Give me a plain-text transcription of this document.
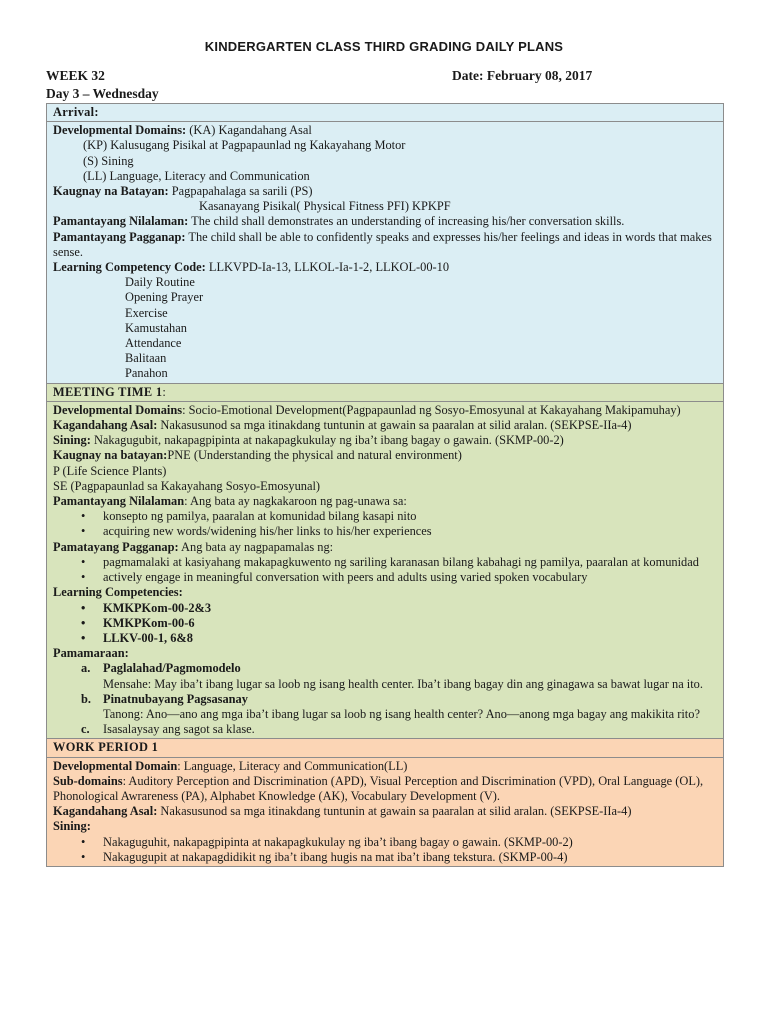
KINDERGARTEN CLASS THIRD GRADING DAILY PLANS
WEEK 32	Date: February 08, 2017
Day 3 – Wednesday
Arrival:

Developmental Domains: (KA) Kagandahang Asal
(KP) Kalusugang Pisikal at Pagpapaunlad ng Kakayahang Motor
(S) Sining
(LL) Language, Literacy and Communication
Kaugnay na Batayan: Pagpapahalaga sa sarili (PS)
Kasanayang Pisikal( Physical Fitness PFI) KPKPF
Pamantayang Nilalaman: The child shall demonstrates an understanding of increasing his/her conversation skills.
Pamantayang Pagganap: The child shall be able to confidently speaks and expresses his/her feelings and ideas in words that makes sense.
Learning Competency Code: LLKVPD-Ia-13, LLKOL-Ia-1-2, LLKOL-00-10
Daily Routine
Opening Prayer
Exercise
Kamustahan
Attendance
Balitaan
Panahon

MEETING TIME 1:

Developmental Domains: Socio-Emotional Development(Pagpapaunlad ng Sosyo-Emosyunal at Kakayahang Makipamuhay)
Kagandahang Asal: Nakasusunod sa mga itinakdang tuntunin at gawain sa paaralan at silid aralan. (SEKPSE-IIa-4)
Sining: Nakagugubit, nakapagpipinta at nakapagkukulay ng iba’t ibang bagay o gawain. (SKMP-00-2)
Kaugnay na batayan:PNE (Understanding the physical and natural environment)
P (Life Science Plants)
SE (Pagpapaunlad sa Kakayahang Sosyo-Emosyunal)
Pamantayang Nilalaman: Ang bata ay nagkakaroon ng pag-unawa sa:
• konsepto ng pamilya, paaralan at komunidad bilang kasapi nito
• acquiring new words/widening his/her links to his/her experiences
Pamatayang Pagganap: Ang bata ay nagpapamalas ng:
• pagmamalaki at kasiyahang makapagkuwento ng sariling karanasan bilang kabahagi ng pamilya, paaralan at komunidad
• actively engage in meaningful conversation with peers and adults using varied spoken vocabulary
Learning Competencies:
• KMKPKom-00-2&3
• KMKPKom-00-6
• LLKV-00-1, 6&8
Pamamaraan:
a. Paglalahad/Pagmomodelo
Mensahe: May iba’t ibang lugar sa loob ng isang health center. Iba’t ibang bagay din ang ginagawa sa bawat lugar na ito.
b. Pinatnubayang Pagsasanay
Tanong: Ano—ano ang mga iba’t ibang lugar sa loob ng isang health center? Ano—anong mga bagay ang makikita rito?
c. Isasalaysay ang sagot sa klase.

WORK PERIOD 1

Developmental Domain: Language, Literacy and Communication(LL)
Sub-domains: Auditory Perception and Discrimination (APD), Visual Perception and Discrimination (VPD), Oral Language (OL), Phonological Awrareness (PA), Alphabet Knowledge (AK), Vocabulary Development (V).
Kagandahang Asal: Nakasusunod sa mga itinakdang tuntunin at gawain sa paaralan at silid aralan. (SEKPSE-IIa-4)
Sining:
• Nakaguguhit, nakapagpipinta at nakapagkukulay ng iba’t ibang bagay o gawain. (SKMP-00-2)
• Nakagugupit at nakapagdidikit ng iba’t ibang hugis na mat iba’t ibang tekstura. (SKMP-00-4)
